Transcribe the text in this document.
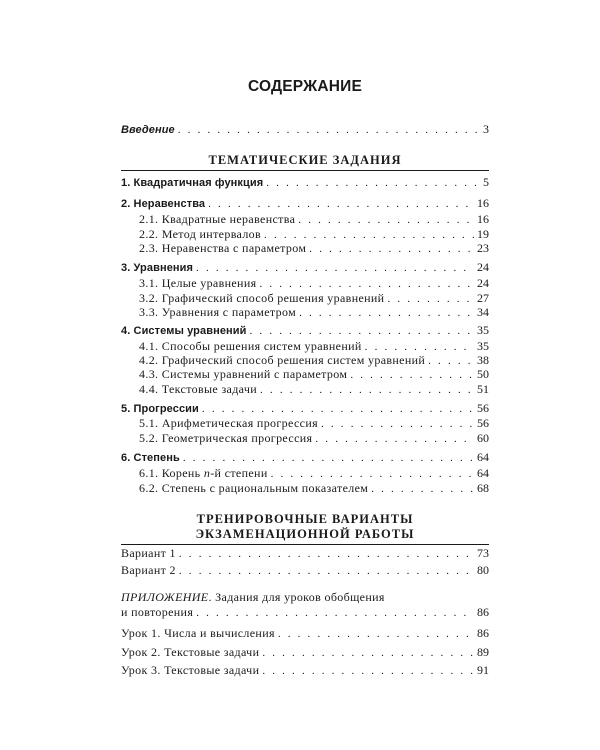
СОДЕРЖАНИЕ
Введение . . .	3
ТЕМАТИЧЕСКИЕ ЗАДАНИЯ
1. Квадратичная функция . . .	5
2. Неравенства . . .	16
2.1. Квадратные неравенства . . .	16
2.2. Метод интервалов . . .	19
2.3. Неравенства с параметром . . .	23
3. Уравнения . . .	24
3.1. Целые уравнения . . .	24
3.2. Графический способ решения уравнений . . .	27
3.3. Уравнения с параметром . . .	34
4. Системы уравнений . . .	35
4.1. Способы решения систем уравнений . . .	35
4.2. Графический способ решения систем уравнений . . .	38
4.3. Системы уравнений с параметром . . .	50
4.4. Текстовые задачи . . .	51
5. Прогрессии . . .	56
5.1. Арифметическая прогрессия . . .	56
5.2. Геометрическая прогрессия . . .	60
6. Степень . . .	64
6.1. Корень n-й степени . . .	64
6.2. Степень с рациональным показателем . . .	68
ТРЕНИРОВОЧНЫЕ ВАРИАНТЫ
ЭКЗАМЕНАЦИОННОЙ РАБОТЫ
Вариант 1 . . .	73
Вариант 2 . . .	80
ПРИЛОЖЕНИЕ. Задания для уроков обобщения
и повторения . . .	86
Урок 1. Числа и вычисления . . .	86
Урок 2. Текстовые задачи . . .	89
Урок 3. Текстовые задачи . . .	91
